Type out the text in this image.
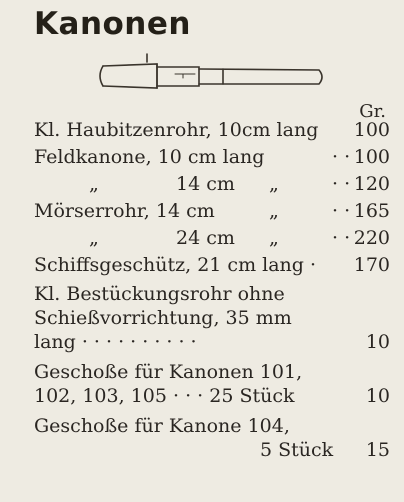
Kanonen
Gr.
Kl. Haubitzenrohr, 10cm lang 100
Feldkanone, 10 cm lang	· · 100
„	14 cm „	· · 120
Mörserrohr, 14 cm	„	· · 165
„	24 cm „	· · 220
Schiffsgeschütz, 21 cm lang · 170
Kl. Bestückungsrohr ohne
Schießvorrichtung, 35 mm
lang · · · · · · · · · ·	10
Geschoße für Kanonen 101,
102, 103, 105 · · · 25 Stück	10
Geschoße für Kanone 104,
5 Stück 15
